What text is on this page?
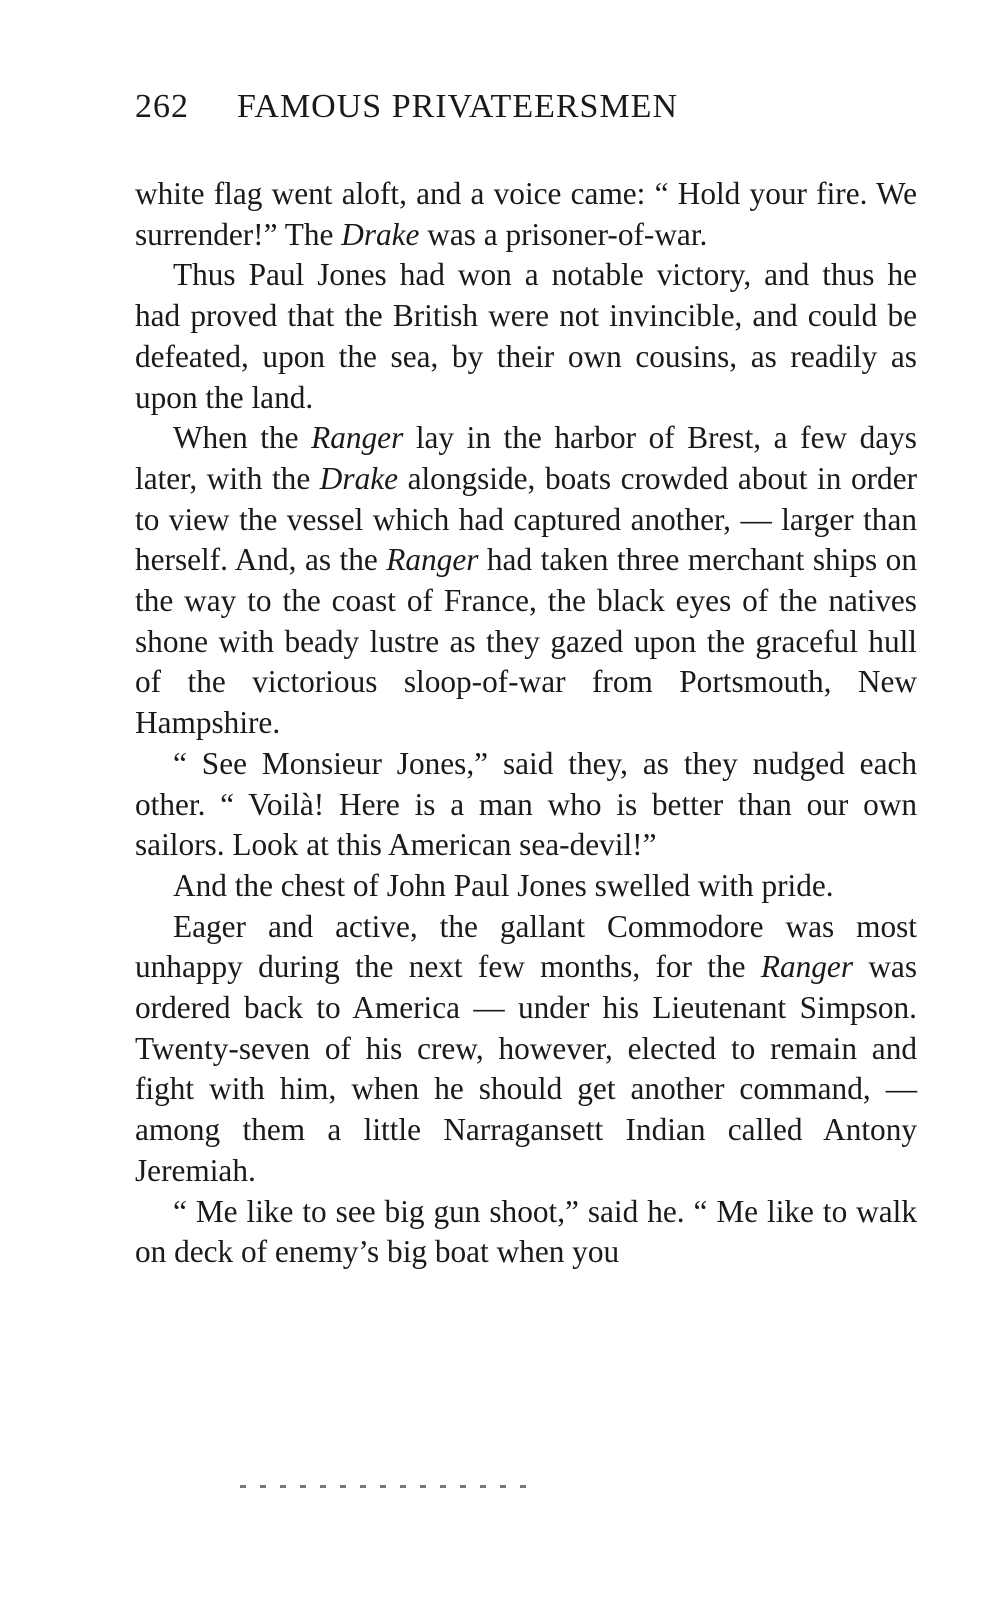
262 FAMOUS PRIVATEERSMEN

white flag went aloft, and a voice came: “ Hold your fire. We surrender!” The Drake was a prisoner-of-war.

Thus Paul Jones had won a notable victory, and thus he had proved that the British were not invincible, and could be defeated, upon the sea, by their own cousins, as readily as upon the land.

When the Ranger lay in the harbor of Brest, a few days later, with the Drake alongside, boats crowded about in order to view the vessel which had captured another, — larger than herself. And, as the Ranger had taken three merchant ships on the way to the coast of France, the black eyes of the natives shone with beady lustre as they gazed upon the graceful hull of the victorious sloop-of-war from Portsmouth, New Hampshire.

“ See Monsieur Jones,” said they, as they nudged each other. “ Voilà! Here is a man who is better than our own sailors. Look at this American sea-devil!”

And the chest of John Paul Jones swelled with pride.

Eager and active, the gallant Commodore was most unhappy during the next few months, for the Ranger was ordered back to America — under his Lieutenant Simpson. Twenty-seven of his crew, however, elected to remain and fight with him, when he should get another command, — among them a little Narragansett Indian called Antony Jeremiah.

“ Me like to see big gun shoot,” said he. “ Me like to walk on deck of enemy’s big boat when you
